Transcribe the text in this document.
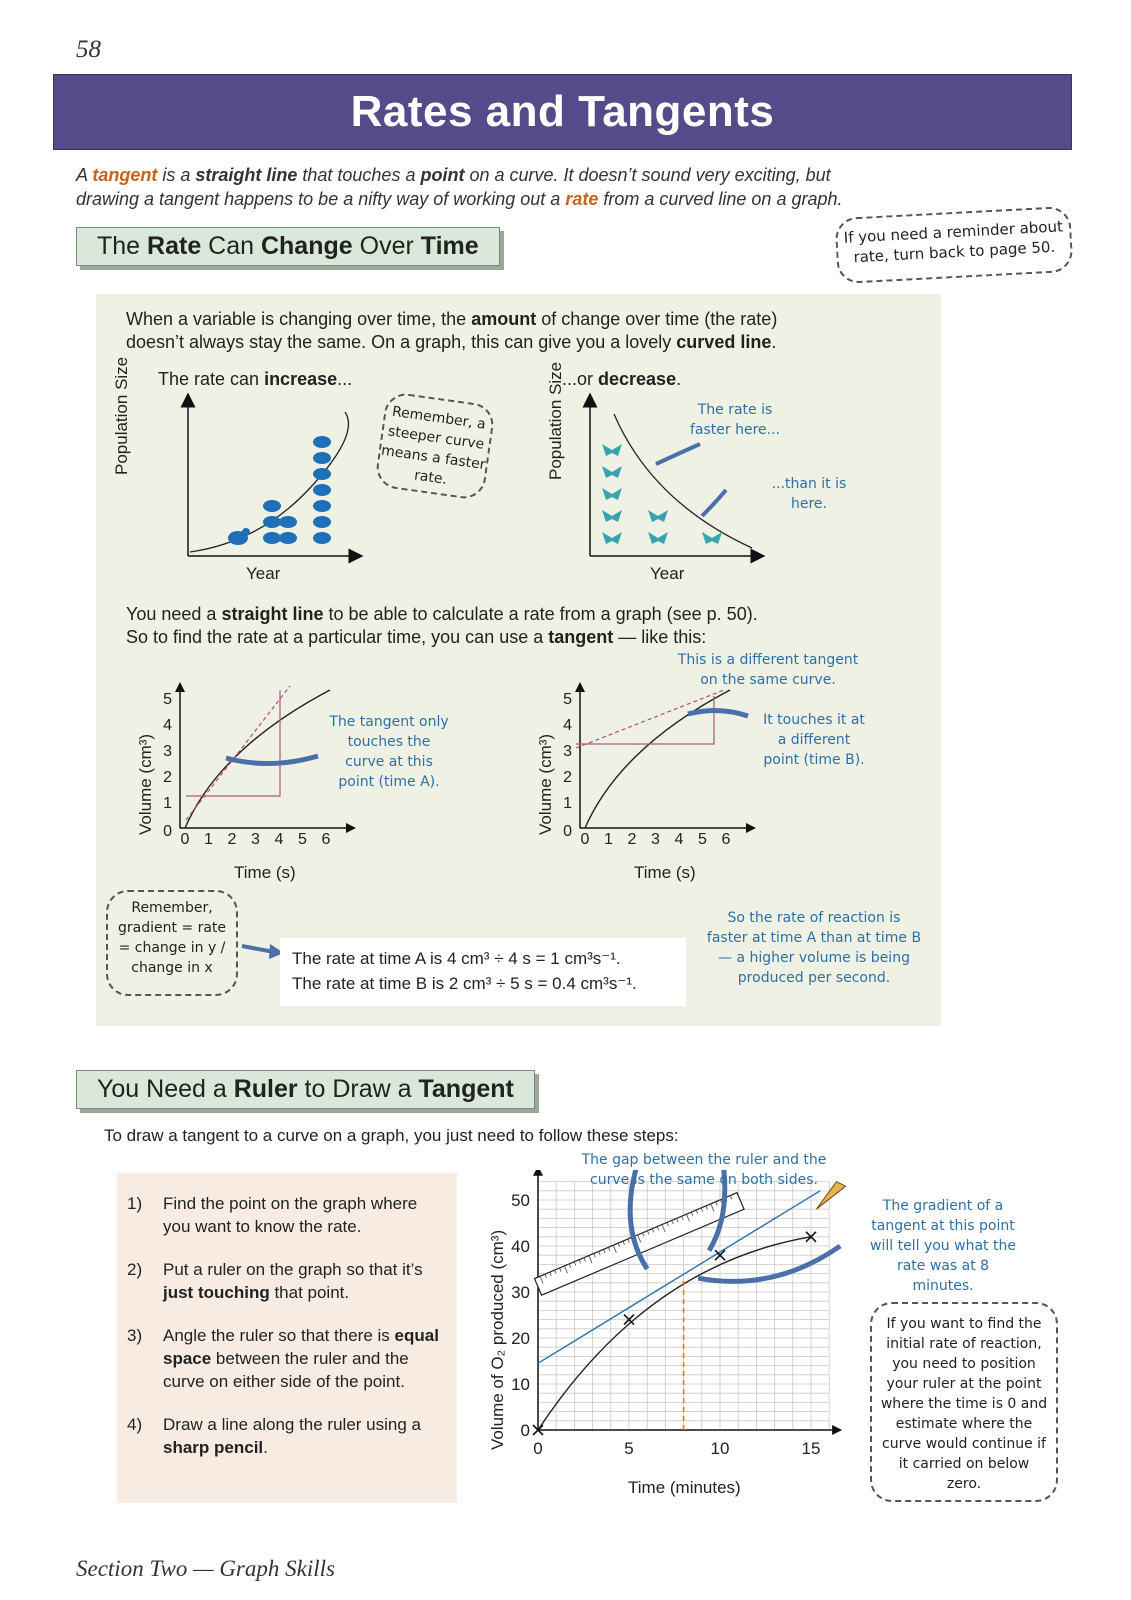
58
Rates and Tangents
A tangent is a straight line that touches a point on a curve. It doesn’t sound very exciting, but
drawing a tangent happens to be a nifty way of working out a rate from a curved line on a graph.
The Rate Can Change Over Time	If you need a reminder about rate, turn back to page 50.
When a variable is changing over time, the amount of change over time (the rate)
doesn’t always stay the same. On a graph, this can give you a lovely curved line.
The rate can increase...	...or decrease.
Population Size
Year
Remember, a steeper curve means a faster rate.	Population Size
Year
The rate is faster here...
...than it is here.
You need a straight line to be able to calculate a rate from a graph (see p. 50).
So to find the rate at a particular time, you can use a tangent — like this:
0 1 2 3 4 5 6
0
1
2
3
4
5
Volume (cm³)
Time (s)
The tangent only touches the curve at this point (time A).
0 1 2 3 4 5 6
0
1
2
3
4
5
Volume (cm³)
Time (s)
This is a different tangent on the same curve.
It touches it at a different point (time B).
Remember, gradient = rate
= change in y / change in x	The rate at time A is 4 cm³ ÷ 4 s = 1 cm³s⁻¹.
The rate at time B is 2 cm³ ÷ 5 s = 0.4 cm³s⁻¹.
So the rate of reaction is faster at time A than at time B — a higher volume is being produced per second.
You Need a Ruler to Draw a Tangent
To draw a tangent to a curve on a graph, you just need to follow these steps:
1)	Find the point on the graph where you want to know the rate.
2)	Put a ruler on the graph so that it’s just touching that point.
3)	Angle the ruler so that there is equal space between the ruler and the curve on either side of the point.
4)	Draw a line along the ruler using a sharp pencil.	0	5	10	15
0
10
20
30
40
50
Volume of O₂ produced (cm³)
Time (minutes)
The gap between the ruler and the curve is the same on both sides.
The gradient of a tangent at this point will tell you what the rate was at 8 minutes.
If you want to find the initial rate of reaction, you need to position your ruler at the point where the time is 0 and estimate where the curve would continue if it carried on below zero.
Section Two — Graph Skills
